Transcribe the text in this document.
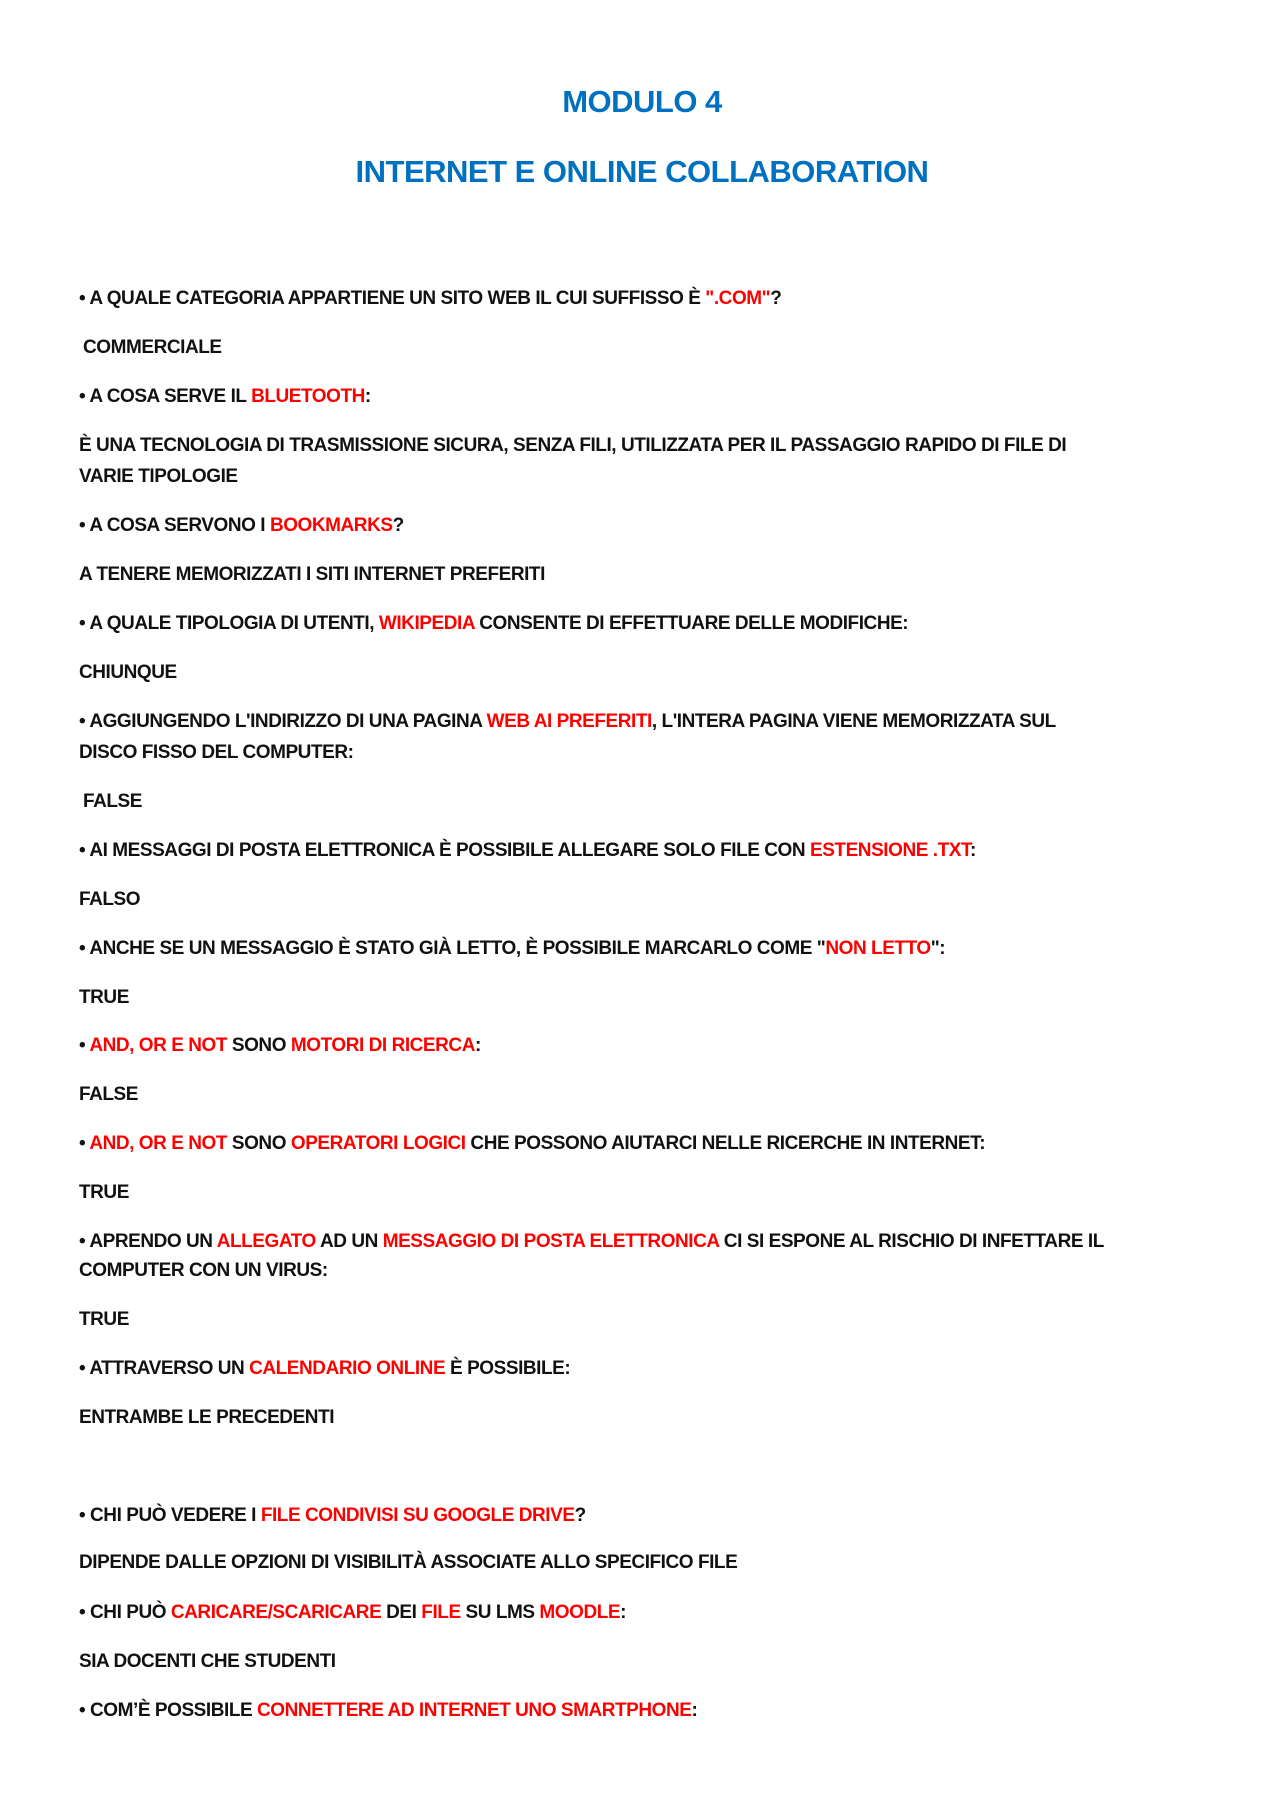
MODULO 4
INTERNET E ONLINE COLLABORATION
• A QUALE CATEGORIA APPARTIENE UN SITO WEB IL CUI SUFFISSO È ".COM"?
COMMERCIALE
• A COSA SERVE IL BLUETOOTH:
È UNA TECNOLOGIA DI TRASMISSIONE SICURA, SENZA FILI, UTILIZZATA PER IL PASSAGGIO RAPIDO DI FILE DI
VARIE TIPOLOGIE
• A COSA SERVONO I BOOKMARKS?
A TENERE MEMORIZZATI I SITI INTERNET PREFERITI
• A QUALE TIPOLOGIA DI UTENTI, WIKIPEDIA CONSENTE DI EFFETTUARE DELLE MODIFICHE:
CHIUNQUE
• AGGIUNGENDO L'INDIRIZZO DI UNA PAGINA WEB AI PREFERITI, L'INTERA PAGINA VIENE MEMORIZZATA SUL
DISCO FISSO DEL COMPUTER:
FALSE
• AI MESSAGGI DI POSTA ELETTRONICA È POSSIBILE ALLEGARE SOLO FILE CON ESTENSIONE .TXT:
FALSO
• ANCHE SE UN MESSAGGIO È STATO GIÀ LETTO, È POSSIBILE MARCARLO COME "NON LETTO":
TRUE
• AND, OR E NOT SONO MOTORI DI RICERCA:
FALSE
• AND, OR E NOT SONO OPERATORI LOGICI CHE POSSONO AIUTARCI NELLE RICERCHE IN INTERNET:
TRUE
• APRENDO UN ALLEGATO AD UN MESSAGGIO DI POSTA ELETTRONICA CI SI ESPONE AL RISCHIO DI INFETTARE IL
COMPUTER CON UN VIRUS:
TRUE
• ATTRAVERSO UN CALENDARIO ONLINE È POSSIBILE:
ENTRAMBE LE PRECEDENTI
• CHI PUÒ VEDERE I FILE CONDIVISI SU GOOGLE DRIVE?
DIPENDE DALLE OPZIONI DI VISIBILITÀ ASSOCIATE ALLO SPECIFICO FILE
• CHI PUÒ CARICARE/SCARICARE DEI FILE SU LMS MOODLE:
SIA DOCENTI CHE STUDENTI
• COM’È POSSIBILE CONNETTERE AD INTERNET UNO SMARTPHONE:
